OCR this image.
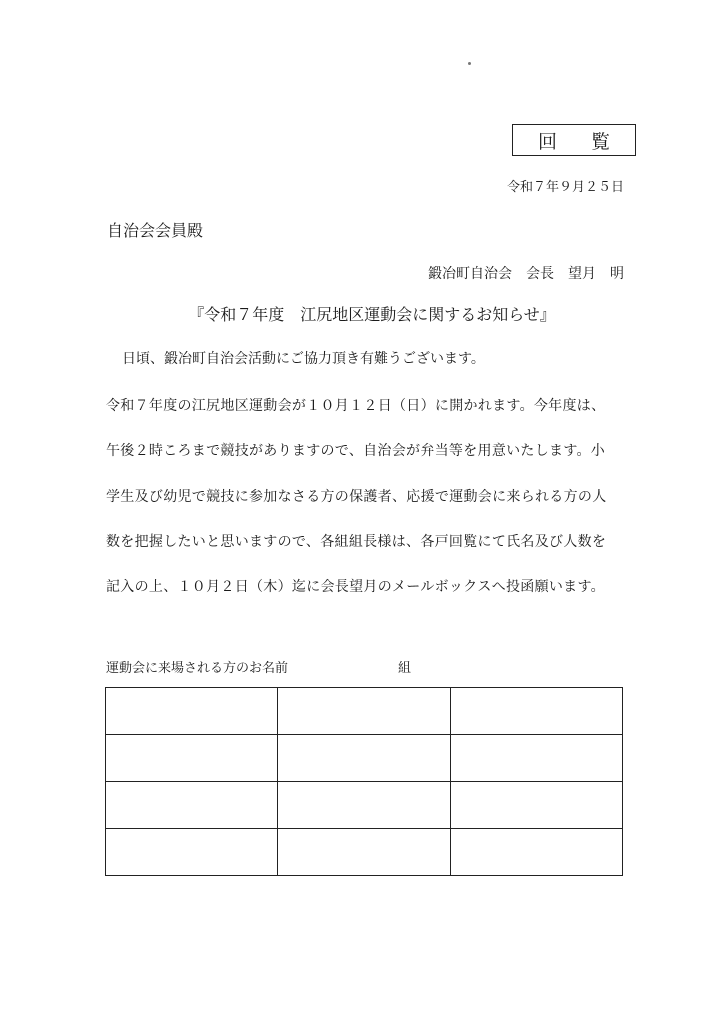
回 覧
令和７年９月２５日
自治会会員殿
鍛冶町自治会　会長　望月　明
『令和７年度　江尻地区運動会に関するお知らせ』
日頃、鍛冶町自治会活動にご協力頂き有難うございます。
令和７年度の江尻地区運動会が１０月１２日（日）に開かれます。今年度は、
午後２時ころまで競技がありますので、自治会が弁当等を用意いたします。小
学生及び幼児で競技に参加なさる方の保護者、応援で運動会に来られる方の人
数を把握したいと思いますので、各組組長様は、各戸回覧にて氏名及び人数を
記入の上、１０月２日（木）迄に会長望月のメールボックスへ投函願います。
運動会に来場される方のお名前	組
